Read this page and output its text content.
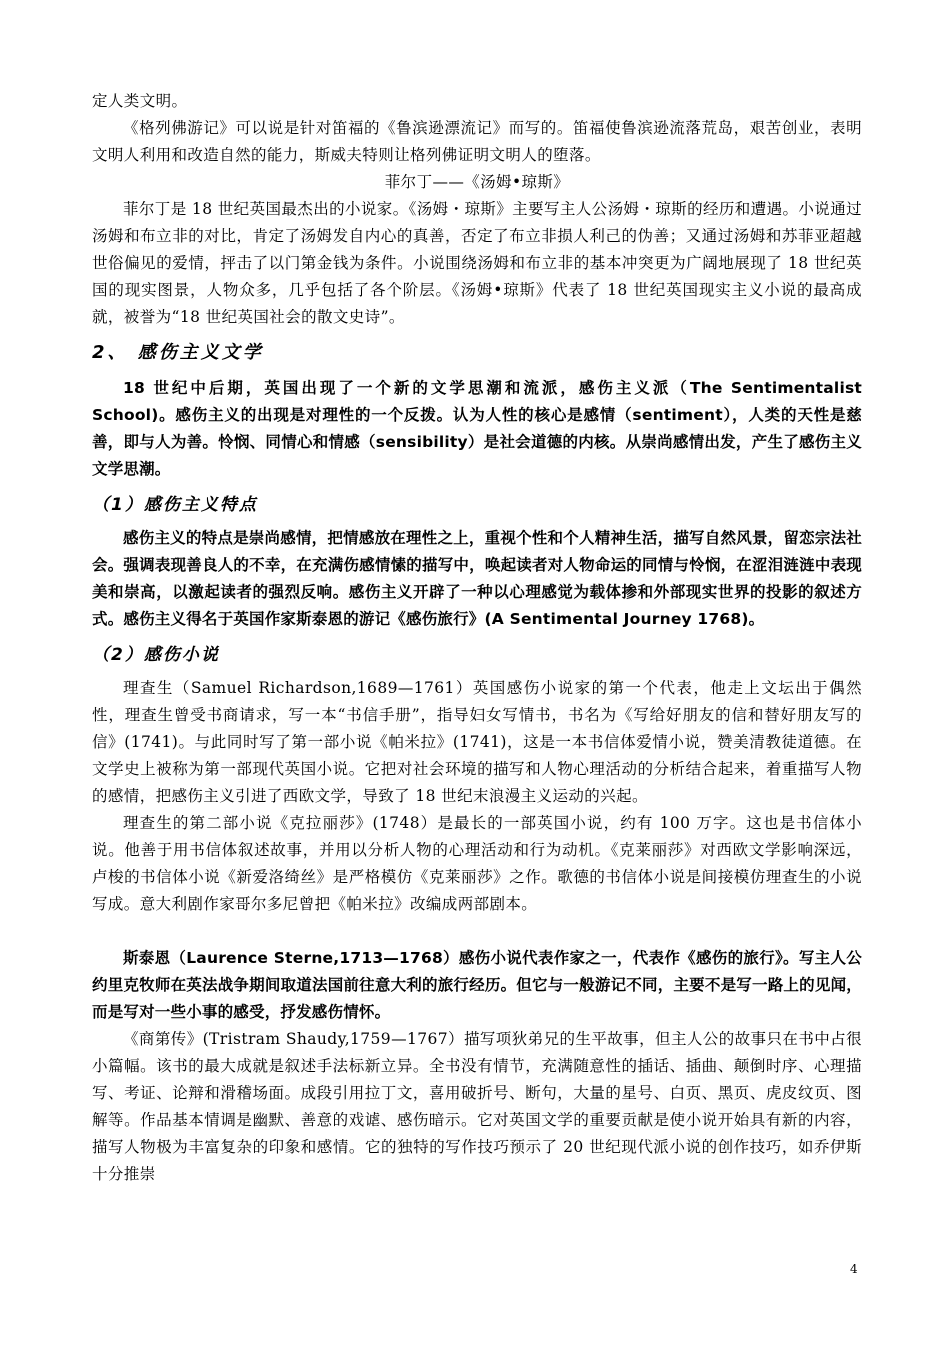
定人类文明。

《格列佛游记》可以说是针对笛福的《鲁滨逊漂流记》而写的。笛福使鲁滨逊流落荒岛，艰苦创业，表明文明人利用和改造自然的能力，斯威夫特则让格列佛证明文明人的堕落。

菲尔丁——《汤姆•琼斯》

菲尔丁是 18 世纪英国最杰出的小说家。《汤姆・琼斯》主要写主人公汤姆・琼斯的经历和遭遇。小说通过汤姆和布立非的对比，肯定了汤姆发自内心的真善，否定了布立非损人利己的伪善；又通过汤姆和苏菲亚超越世俗偏见的爱情，抨击了以门第金钱为条件。小说围绕汤姆和布立非的基本冲突更为广阔地展现了 18 世纪英国的现实图景，人物众多，几乎包括了各个阶层。《汤姆•琼斯》代表了 18 世纪英国现实主义小说的最高成就，被誉为“18 世纪英国社会的散文史诗”。

2、 感伤主义文学

18 世纪中后期，英国出现了一个新的文学思潮和流派，感伤主义派（The Sentimentalist School)。感伤主义的出现是对理性的一个反拨。认为人性的核心是感情（sentiment），人类的天性是慈善，即与人为善。怜悯、同情心和情感（sensibility）是社会道德的内核。从崇尚感情出发，产生了感伤主义文学思潮。

（1）感伤主义特点

感伤主义的特点是崇尚感情，把情感放在理性之上，重视个性和个人精神生活，描写自然风景，留恋宗法社会。强调表现善良人的不幸，在充满伤感情愫的描写中，唤起读者对人物命运的同情与怜悯，在涩泪涟涟中表现美和崇高，以激起读者的强烈反响。感伤主义开辟了一种以心理感觉为载体掺和外部现实世界的投影的叙述方式。感伤主义得名于英国作家斯泰恩的游记《感伤旅行》(A Sentimental Journey 1768)。

（2）感伤小说

理查生（Samuel Richardson,1689—1761）英国感伤小说家的第一个代表，他走上文坛出于偶然性，理查生曾受书商请求，写一本“书信手册”，指导妇女写情书，书名为《写给好朋友的信和替好朋友写的信》(1741)。与此同时写了第一部小说《帕米拉》(1741)，这是一本书信体爱情小说，赞美清教徒道德。在文学史上被称为第一部现代英国小说。它把对社会环境的描写和人物心理活动的分析结合起来，着重描写人物的感情，把感伤主义引进了西欧文学，导致了 18 世纪末浪漫主义运动的兴起。

理查生的第二部小说《克拉丽莎》(1748）是最长的一部英国小说，约有 100 万字。这也是书信体小说。他善于用书信体叙述故事，并用以分析人物的心理活动和行为动机。《克莱丽莎》对西欧文学影响深远，卢梭的书信体小说《新爱洛绮丝》是严格模仿《克莱丽莎》之作。歌德的书信体小说是间接模仿理查生的小说写成。意大利剧作家哥尔多尼曾把《帕米拉》改编成两部剧本。

斯泰恩（Laurence Sterne,1713—1768）感伤小说代表作家之一，代表作《感伤的旅行》。写主人公约里克牧师在英法战争期间取道法国前往意大利的旅行经历。但它与一般游记不同，主要不是写一路上的见闻，而是写对一些小事的感受，抒发感伤情怀。

《商第传》(Tristram Shaudy,1759—1767）描写项狄弟兄的生平故事，但主人公的故事只在书中占很小篇幅。该书的最大成就是叙述手法标新立异。全书没有情节，充满随意性的插话、插曲、颠倒时序、心理描写、考证、论辩和滑稽场面。成段引用拉丁文，喜用破折号、断句，大量的星号、白页、黑页、虎皮纹页、图解等。作品基本情调是幽默、善意的戏谑、感伤暗示。它对英国文学的重要贡献是使小说开始具有新的内容，描写人物极为丰富复杂的印象和感情。它的独特的写作技巧预示了 20 世纪现代派小说的创作技巧，如乔伊斯十分推崇

4
